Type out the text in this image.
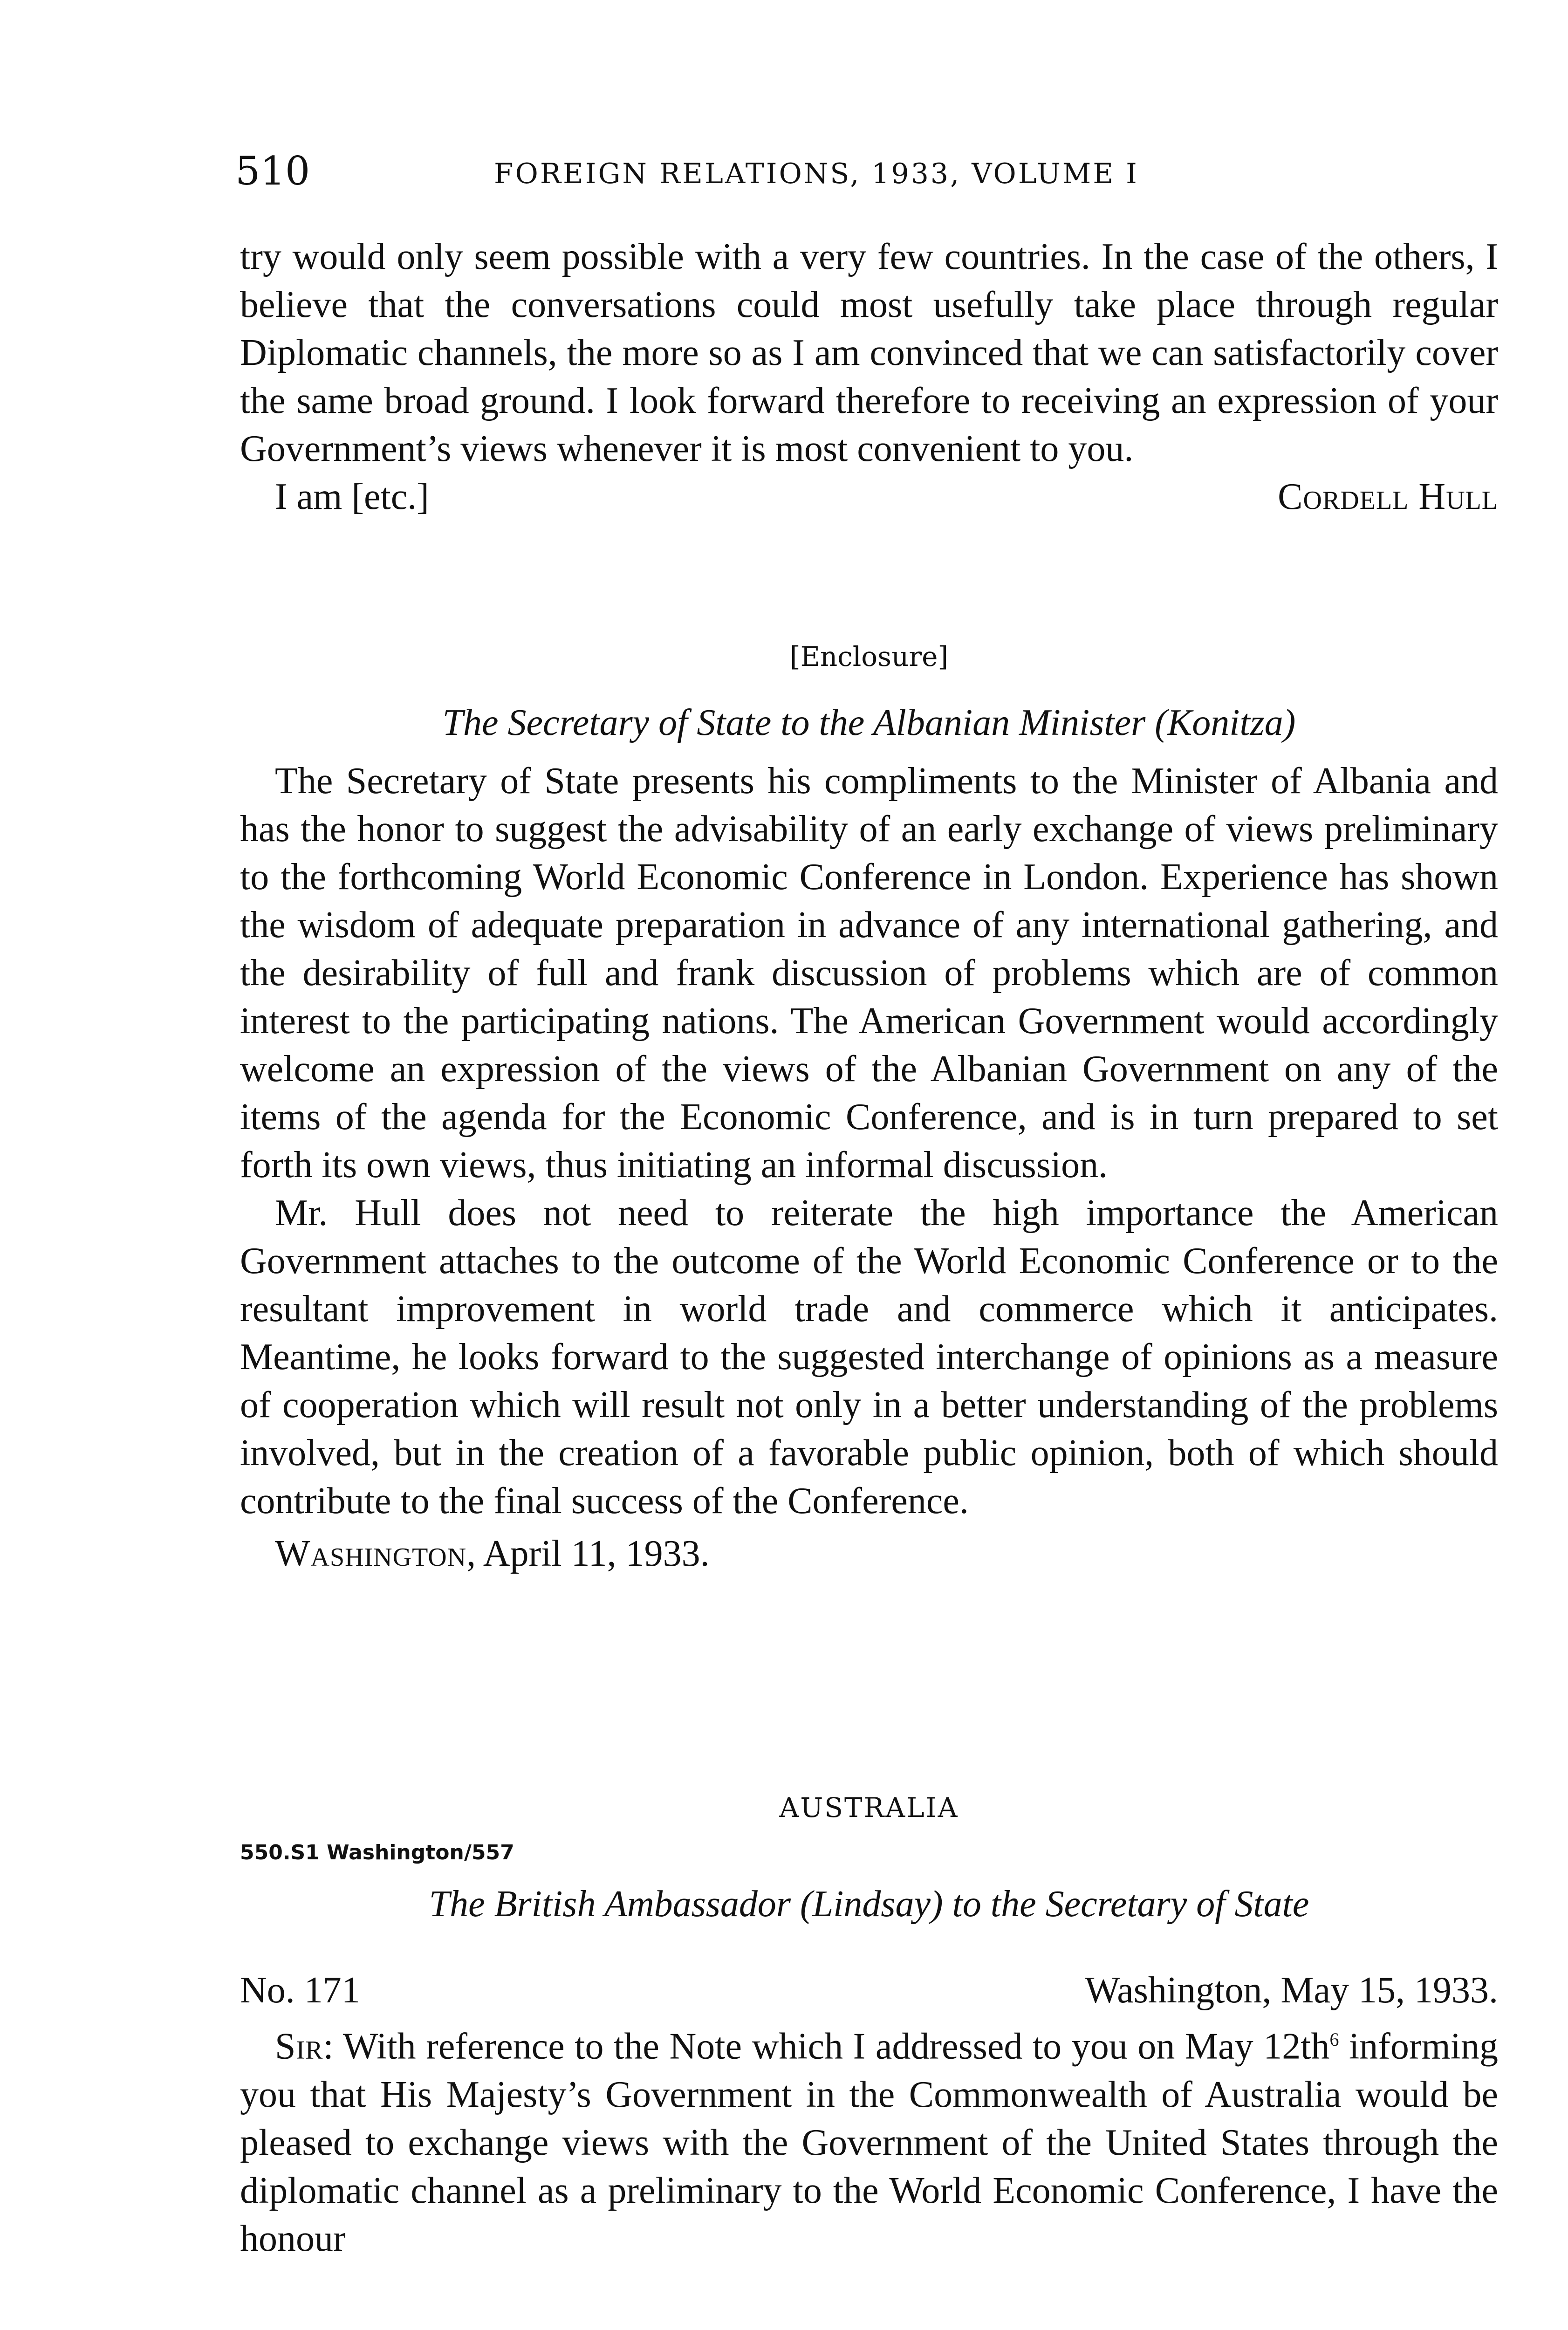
510	FOREIGN RELATIONS, 1933, VOLUME I

try would only seem possible with a very few countries. In the case of the others, I believe that the conversations could most usefully take place through regular Diplomatic channels, the more so as I am convinced that we can satisfactorily cover the same broad ground. I look forward therefore to receiving an expression of your Government’s views whenever it is most convenient to you.

I am [etc.]	Cordell Hull
[Enclosure]
The Secretary of State to the Albanian Minister (Konitza)

The Secretary of State presents his compliments to the Minister of Albania and has the honor to suggest the advisability of an early exchange of views preliminary to the forthcoming World Economic Conference in London. Experience has shown the wisdom of adequate preparation in advance of any international gathering, and the desirability of full and frank discussion of problems which are of common interest to the participating nations. The American Government would accordingly welcome an expression of the views of the Albanian Government on any of the items of the agenda for the Economic Conference, and is in turn prepared to set forth its own views, thus initiating an informal discussion.

Mr. Hull does not need to reiterate the high importance the American Government attaches to the outcome of the World Economic Conference or to the resultant improvement in world trade and commerce which it anticipates. Meantime, he looks forward to the suggested interchange of opinions as a measure of cooperation which will result not only in a better understanding of the problems involved, but in the creation of a favorable public opinion, both of which should contribute to the final success of the Conference.

Washington, April 11, 1933.

AUSTRALIA
550.S1 Washington/557
The British Ambassador (Lindsay) to the Secretary of State
No. 171	Washington, May 15, 1933.

Sir: With reference to the Note which I addressed to you on May $12th^6$ informing you that His Majesty’s Government in the Commonwealth of Australia would be pleased to exchange views with the Government of the United States through the diplomatic channel as a preliminary to the World Economic Conference, I have the honour
